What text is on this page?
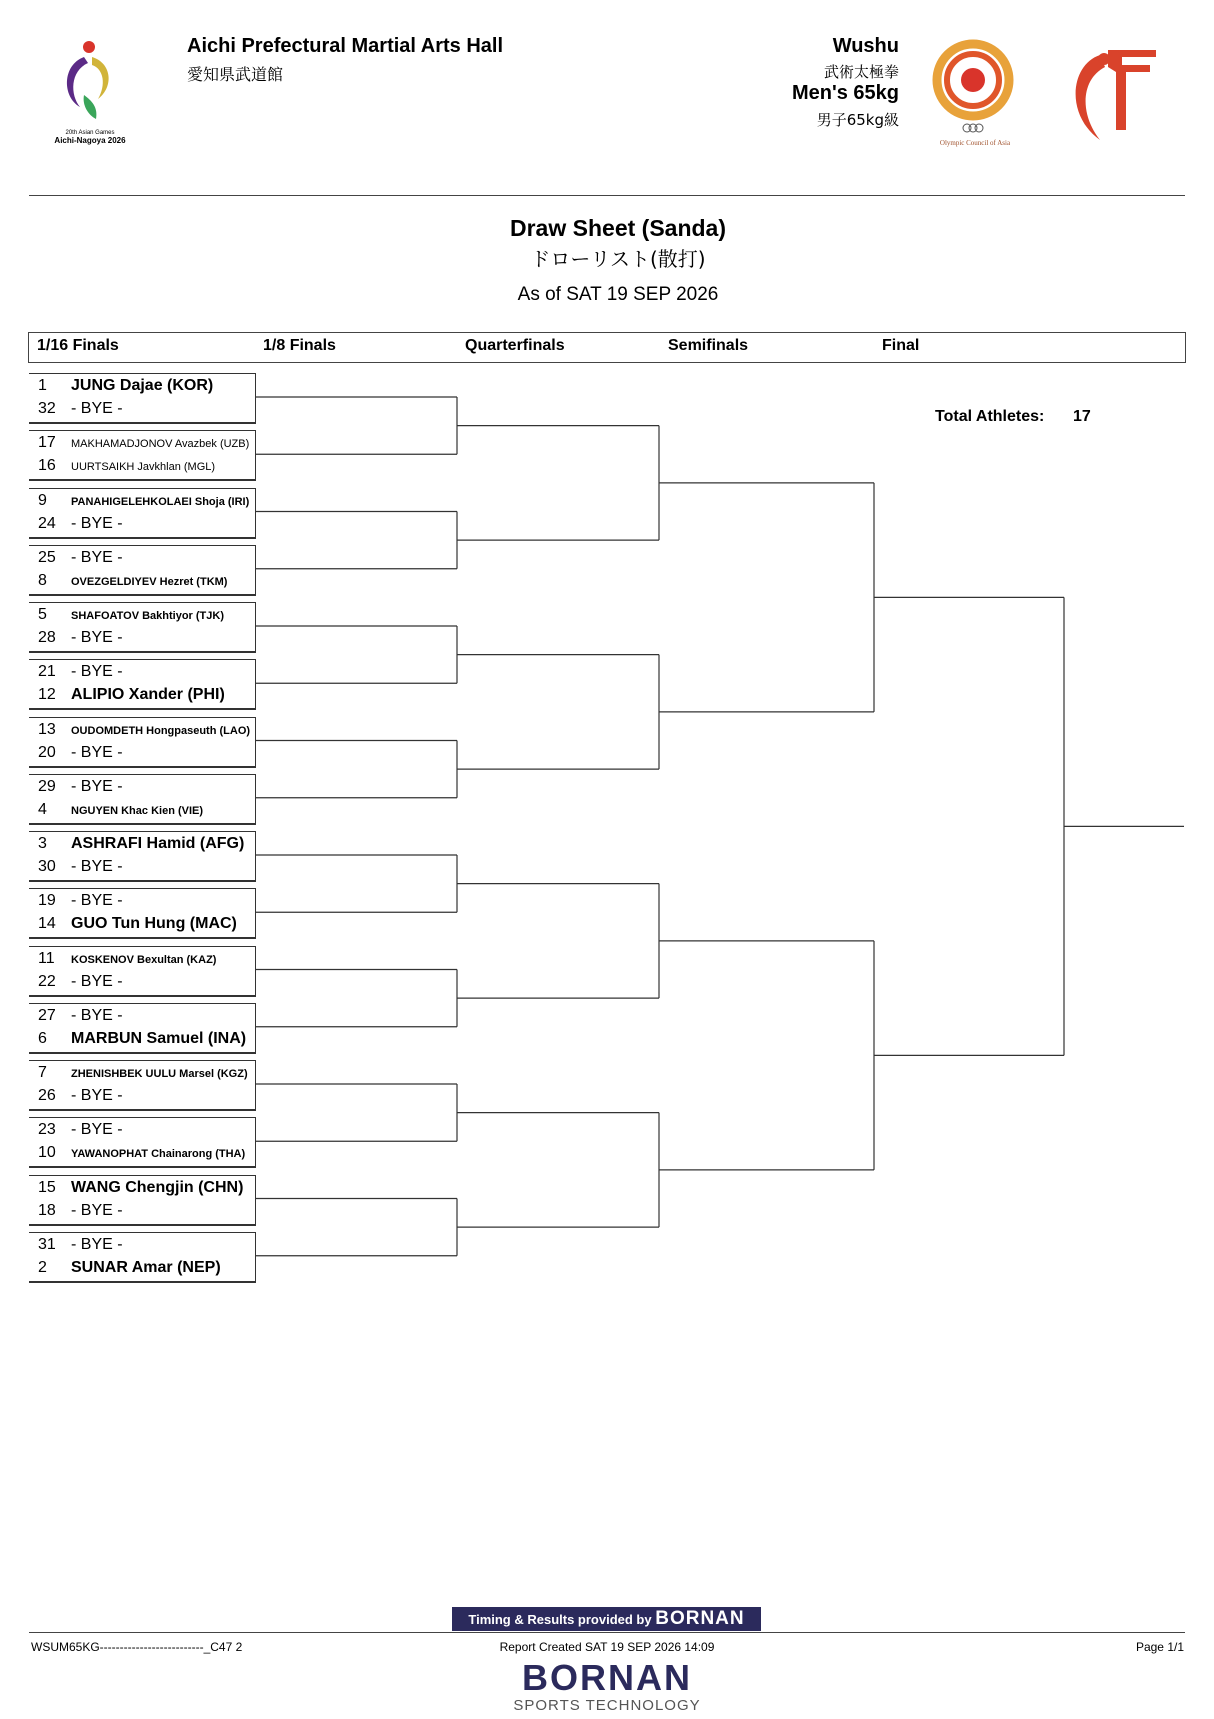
20th Asian Games
Aichi-Nagoya 2026
Aichi Prefectural Martial Arts Hall
愛知県武道館
Wushu
武術太極拳
Men's 65kg
男子65kg級
Olympic Council of Asia
Draw Sheet (Sanda)
ドローリスト(散打)
As of SAT 19 SEP 2026
1/16 Finals	1/8 Finals	Quarterfinals	Semifinals	Final
Total Athletes: 17
1 JUNG Dajae (KOR)
32 - BYE -
17 MAKHAMADJONOV Avazbek (UZB)
16 UURTSAIKH Javkhlan (MGL)
9 PANAHIGELEHKOLAEI Shoja (IRI)
24 - BYE -
25 - BYE -
8 OVEZGELDIYEV Hezret (TKM)
5 SHAFOATOV Bakhtiyor (TJK)
28 - BYE -
21 - BYE -
12 ALIPIO Xander (PHI)
13 OUDOMDETH Hongpaseuth (LAO)
20 - BYE -
29 - BYE -
4 NGUYEN Khac Kien (VIE)
3 ASHRAFI Hamid (AFG)
30 - BYE -
19 - BYE -
14 GUO Tun Hung (MAC)
11 KOSKENOV Bexultan (KAZ)
22 - BYE -
27 - BYE -
6 MARBUN Samuel (INA)
7 ZHENISHBEK UULU Marsel (KGZ)
26 - BYE -
23 - BYE -
10 YAWANOPHAT Chainarong (THA)
15 WANG Chengjin (CHN)
18 - BYE -
31 - BYE -
2 SUNAR Amar (NEP)
Timing & Results provided by BORNAN
WSUM65KG--------------------------_C47 2	Report Created SAT 19 SEP 2026 14:09	Page 1/1
BORNAN
SPORTS TECHNOLOGY
